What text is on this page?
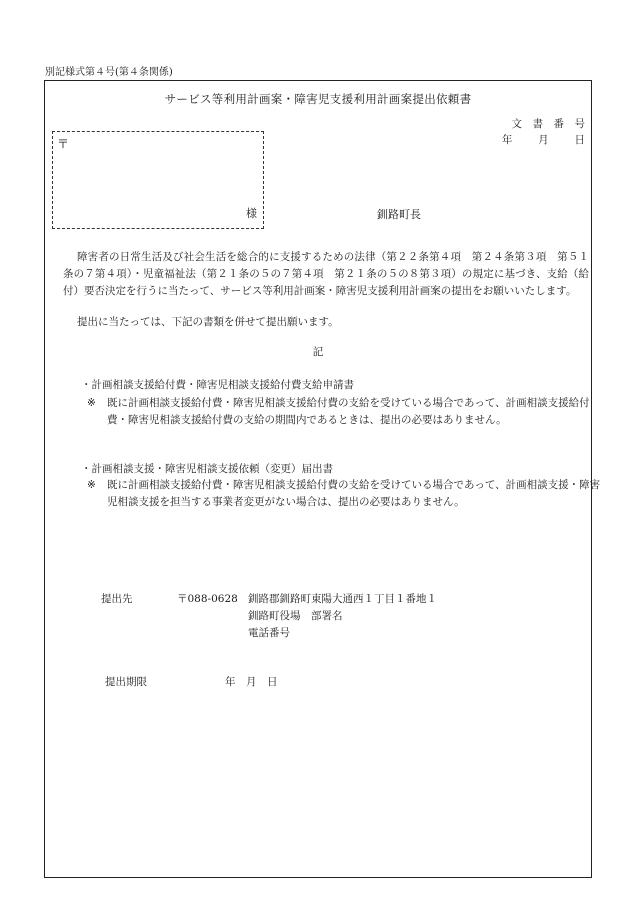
別記様式第４号(第４条関係)
サービス等利用計画案・障害児支援利用計画案提出依頼書
文　書　番　号
年　 月　 日
〒
様	釧路町長
障害者の日常生活及び社会生活を総合的に支援するための法律（第２２条第４項　第２４条第３項　第５１条の７第４項）・児童福祉法（第２１条の５の７第４項　第２１条の５の８第３項）の規定に基づき、支給（給付）要否決定を行うに当たって、サービス等利用計画案・障害児支援利用計画案の提出をお願いいたします。
提出に当たっては、下記の書類を併せて提出願います。
記
・計画相談支援給付費・障害児相談支援給付費支給申請書
※ 既に計画相談支援給付費・障害児相談支援給付費の支給を受けている場合であって、計画相談支援給付費・障害児相談支援給付費の支給の期間内であるときは、提出の必要はありません。
・計画相談支援・障害児相談支援依頼（変更）届出書
※ 既に計画相談支援給付費・障害児相談支援給付費の支給を受けている場合であって、計画相談支援・障害児相談支援を担当する事業者変更がない場合は、提出の必要はありません。
提出先	〒088-0628 釧路郡釧路町東陽大通西１丁目１番地１
釧路町役場　部署名
電話番号
提出期限	年　月　日
